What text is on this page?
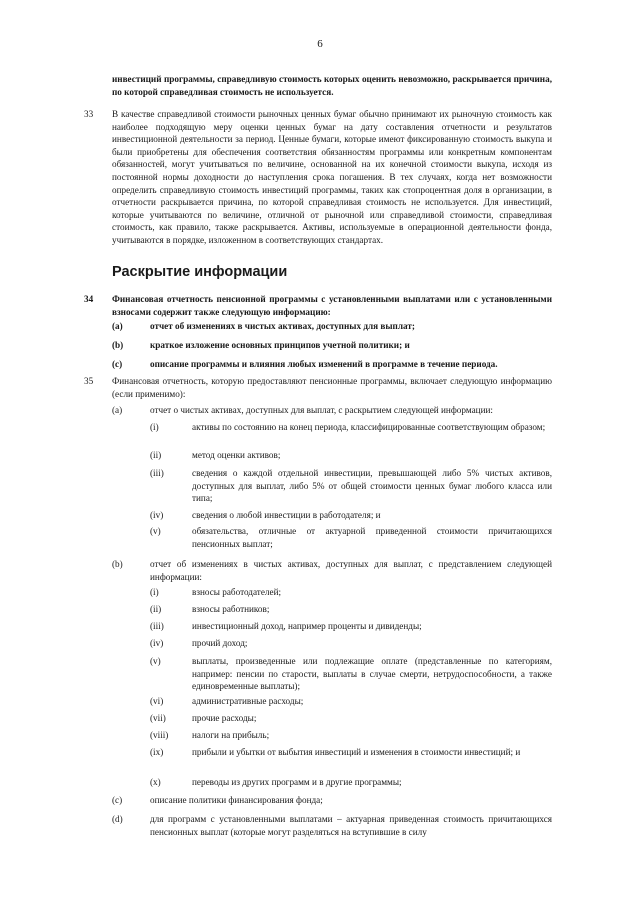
6
инвестиций программы, справедливую стоимость которых оценить невозможно, раскрывается причина, по которой справедливая стоимость не используется.
33 В качестве справедливой стоимости рыночных ценных бумаг обычно принимают их рыночную стоимость как наиболее подходящую меру оценки ценных бумаг на дату составления отчетности и результатов инвестиционной деятельности за период. Ценные бумаги, которые имеют фиксированную стоимость выкупа и были приобретены для обеспечения соответствия обязанностям программы или конкретным компонентам обязанностей, могут учитываться по величине, основанной на их конечной стоимости выкупа, исходя из постоянной нормы доходности до наступления срока погашения. В тех случаях, когда нет возможности определить справедливую стоимость инвестиций программы, таких как стопроцентная доля в организации, в отчетности раскрывается причина, по которой справедливая стоимость не используется. Для инвестиций, которые учитываются по величине, отличной от рыночной или справедливой стоимости, справедливая стоимость, как правило, также раскрывается. Активы, используемые в операционной деятельности фонда, учитываются в порядке, изложенном в соответствующих стандартах.
Раскрытие информации
34 Финансовая отчетность пенсионной программы с установленными выплатами или с установленными взносами содержит также следующую информацию:
(a)	отчет об изменениях в чистых активах, доступных для выплат;
(b)	краткое изложение основных принципов учетной политики; и
(c)	описание программы и влияния любых изменений в программе в течение периода.
35 Финансовая отчетность, которую предоставляют пенсионные программы, включает следующую информацию (если применимо):
(a)	отчет о чистых активах, доступных для выплат, с раскрытием следующей информации:
(i)	активы по состоянию на конец периода, классифицированные соответствующим образом;
(ii)	метод оценки активов;
(iii)	сведения о каждой отдельной инвестиции, превышающей либо 5% чистых активов, доступных для выплат, либо 5% от общей стоимости ценных бумаг любого класса или типа;
(iv)	сведения о любой инвестиции в работодателя; и
(v)	обязательства, отличные от актуарной приведенной стоимости причитающихся пенсионных выплат;
(b)	отчет об изменениях в чистых активах, доступных для выплат, с представлением следующей информации:
(i)	взносы работодателей;
(ii)	взносы работников;
(iii)	инвестиционный доход, например проценты и дивиденды;
(iv)	прочий доход;
(v)	выплаты, произведенные или подлежащие оплате (представленные по категориям, например: пенсии по старости, выплаты в случае смерти, нетрудоспособности, а также единовременные выплаты);
(vi)	административные расходы;
(vii)	прочие расходы;
(viii)	налоги на прибыль;
(ix)	прибыли и убытки от выбытия инвестиций и изменения в стоимости инвестиций; и
(x)	переводы из других программ и в другие программы;
(c)	описание политики финансирования фонда;
(d)	для программ с установленными выплатами – актуарная приведенная стоимость причитающихся пенсионных выплат (которые могут разделяться на вступившие в силу
